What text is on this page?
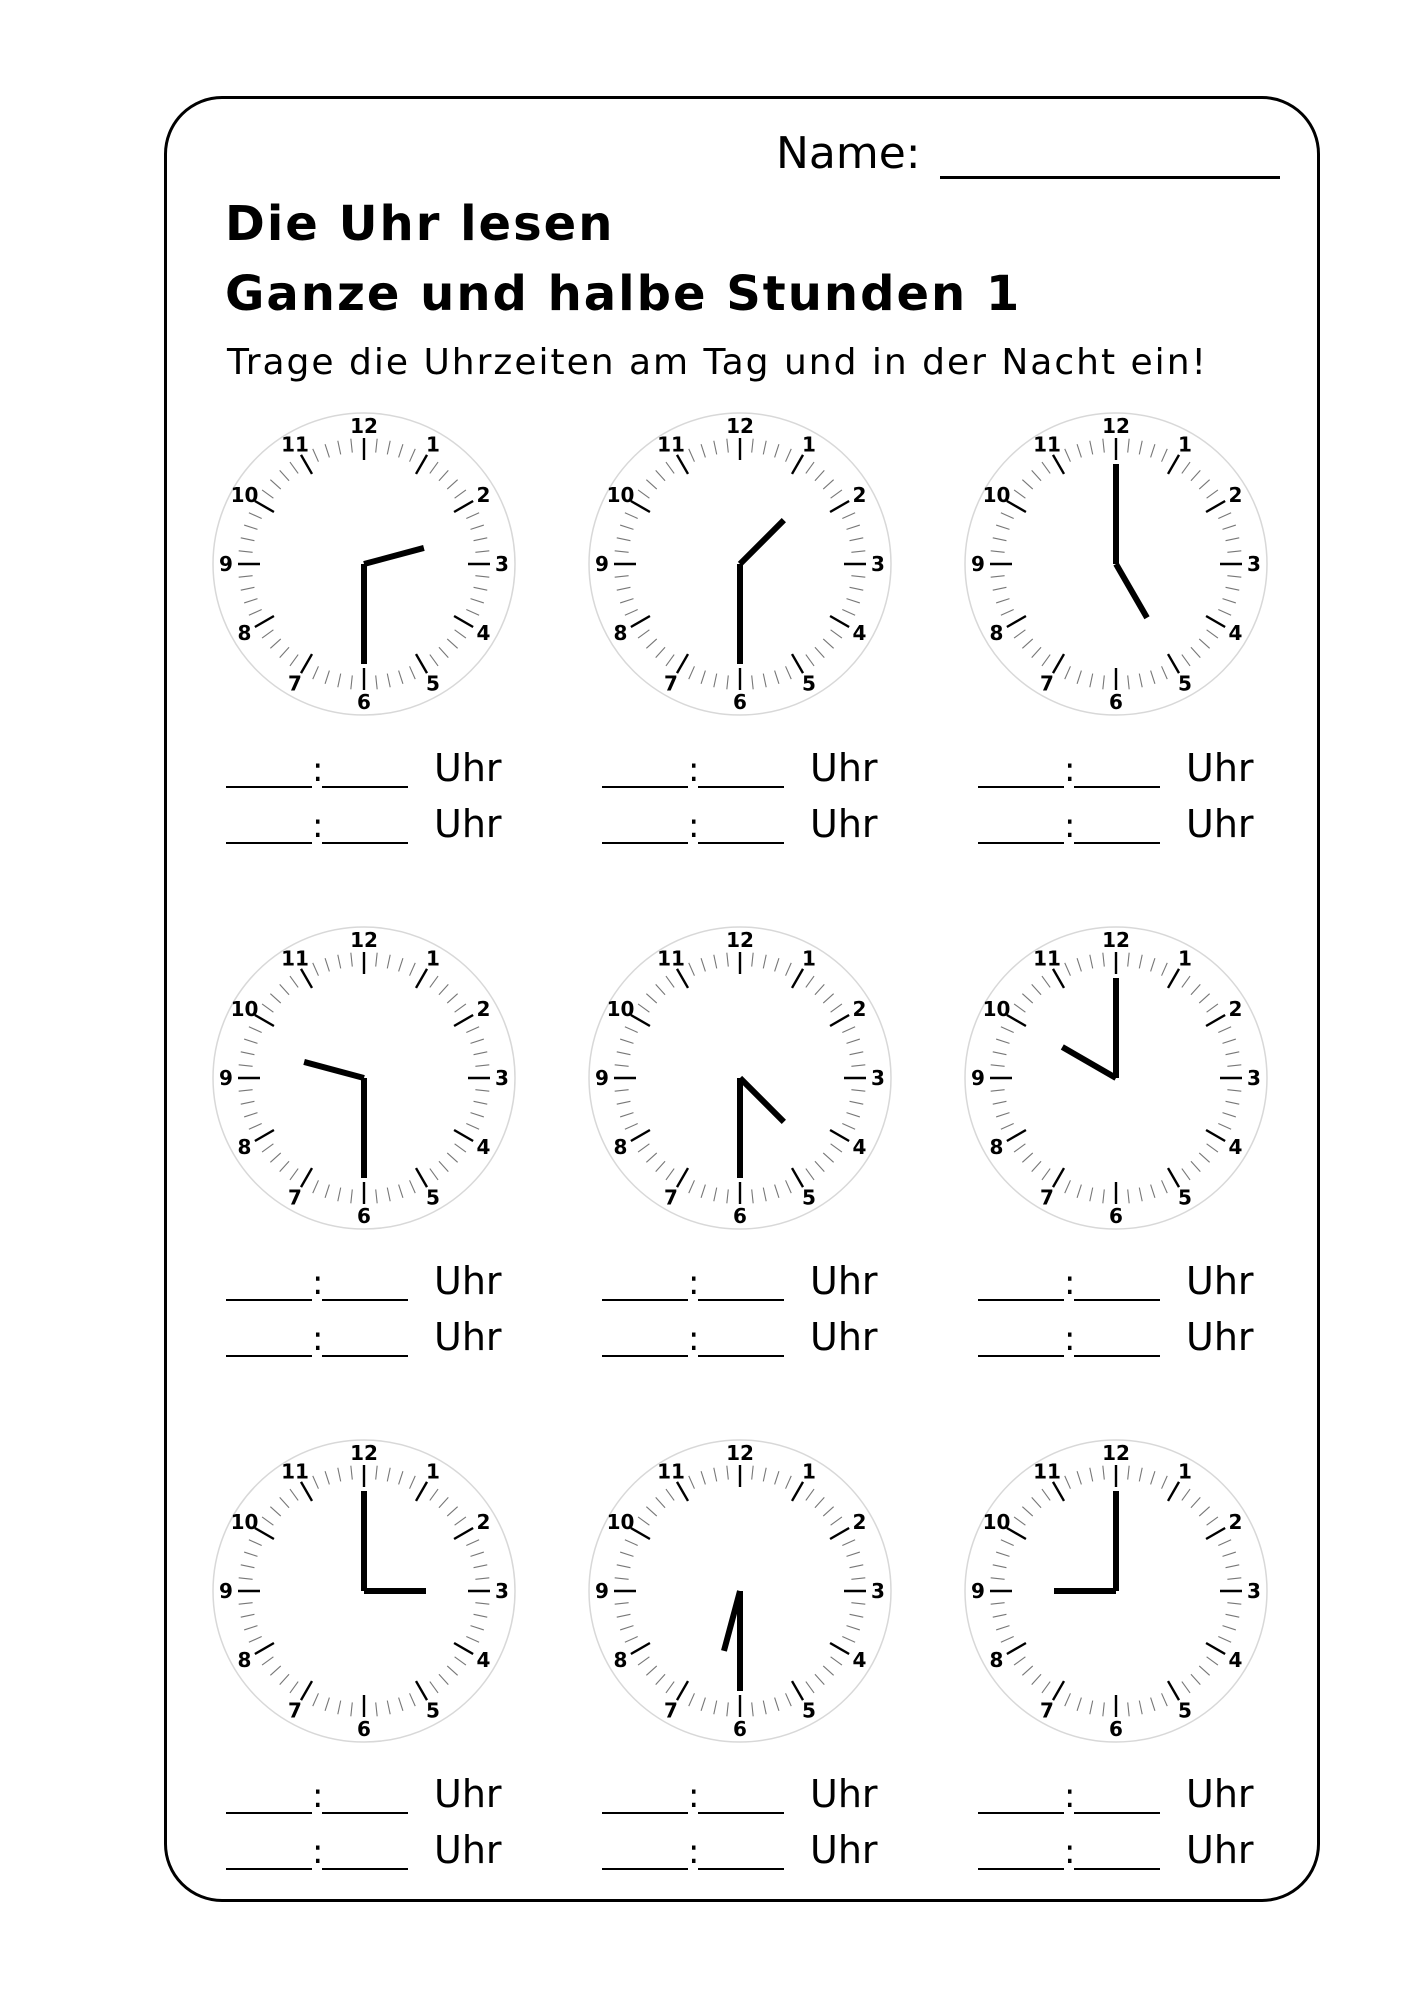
Name:
Die Uhr lesen
Ganze und halbe Stunden 1
Trage die Uhrzeiten am Tag und in der Nacht ein!
12
1
2
3
4
5
6
7
8
9
10
11
:	Uhr
:	Uhr
12
1
2
3
4
5
6
7
8
9
10
11
:	Uhr
:	Uhr
12
1
2
3
4
5
6
7
8
9
10
11
:	Uhr
:	Uhr
12
1
2
3
4
5
6
7
8
9
10
11
:	Uhr
:	Uhr
12
1
2
3
4
5
6
7
8
9
10
11
:	Uhr
:	Uhr
12
1
2
3
4
5
6
7
8
9
10
11
:	Uhr
:	Uhr
12
1
2
3
4
5
6
7
8
9
10
11
:	Uhr
:	Uhr
12
1
2
3
4
5
6
7
8
9
10
11
:	Uhr
:	Uhr
12
1
2
3
4
5
6
7
8
9
10
11
:	Uhr
:	Uhr
